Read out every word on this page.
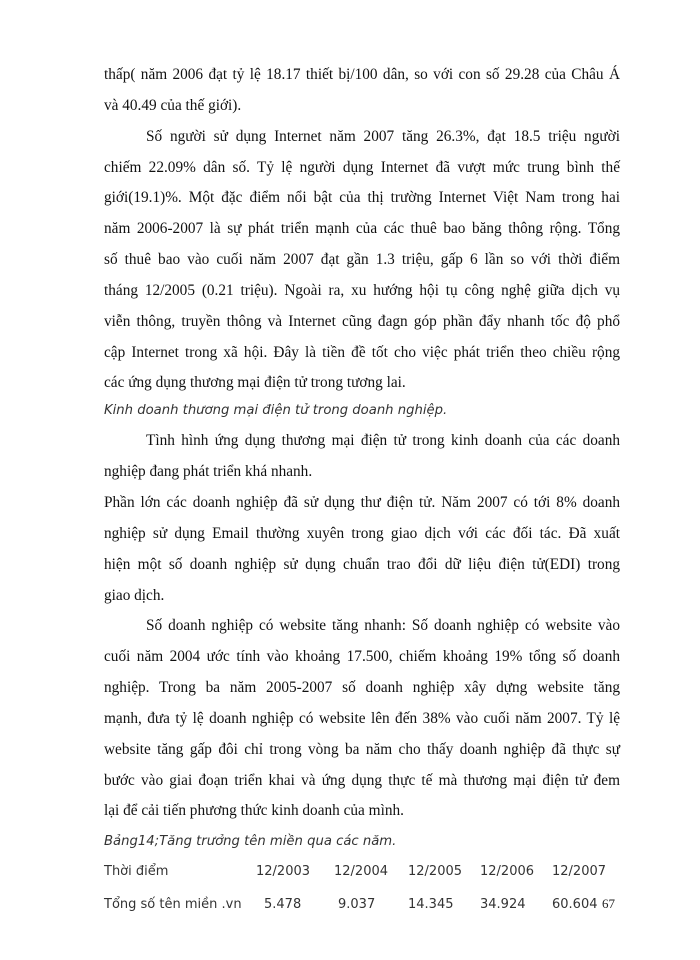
thấp( năm 2006 đạt tỷ lệ 18.17 thiết bị/100 dân, so với con số 29.28 của Châu Á

và 40.49 của thế giới).

Số người sử dụng Internet năm 2007 tăng 26.3%, đạt 18.5 triệu người

chiếm 22.09% dân số. Tỷ lệ người dụng Internet đã vượt mức trung bình thế

giới(19.1)%. Một đặc điểm nổi bật của thị trường Internet Việt Nam trong hai

năm 2006-2007 là sự phát triển mạnh của các thuê bao băng thông rộng. Tổng

số thuê bao vào cuối năm 2007 đạt gần 1.3 triệu, gấp 6 lần so với thời điểm

tháng 12/2005 (0.21 triệu). Ngoài ra, xu hướng hội tụ công nghệ giữa dịch vụ

viễn thông, truyền thông và Internet cũng đagn góp phần đẩy nhanh tốc độ phổ

cập Internet trong xã hội. Đây là tiền đề tốt cho việc phát triển theo chiều rộng

các ứng dụng thương mại điện tử trong tương lai.

Kinh doanh thương mại điện tử trong doanh nghiệp.

Tình hình ứng dụng thương mại điện tử trong kinh doanh của các doanh

nghiệp đang phát triển khá nhanh.

Phần lớn các doanh nghiệp đã sử dụng thư điện tử. Năm 2007 có tới 8% doanh

nghiệp sử dụng Email thường xuyên trong giao dịch với các đối tác. Đã xuất

hiện một số doanh nghiệp sử dụng chuẩn trao đổi dữ liệu điện tử(EDI) trong

giao dịch.

Số doanh nghiệp có website tăng nhanh: Số doanh nghiệp có website vào

cuối năm 2004 ước tính vào khoảng 17.500, chiếm khoảng 19% tổng số doanh

nghiệp. Trong ba năm 2005-2007 số doanh nghiệp xây dựng website tăng

mạnh, đưa tỷ lệ doanh nghiệp có website lên đến 38% vào cuối năm 2007. Tỷ lệ

website tăng gấp đôi chỉ trong vòng ba năm cho thấy doanh nghiệp đã thực sự

bước vào giai đoạn triển khai và ứng dụng thực tế mà thương mại điện tử đem

lại để cải tiến phương thức kinh doanh của mình.

Bảng14;Tăng trưởng tên miền qua các năm.

Thời điểm	12/2003 12/2004 12/2005 12/2006 12/2007
Tổng số tên miền .vn 5.478	9.037	14.345 34.924 60.604 67
